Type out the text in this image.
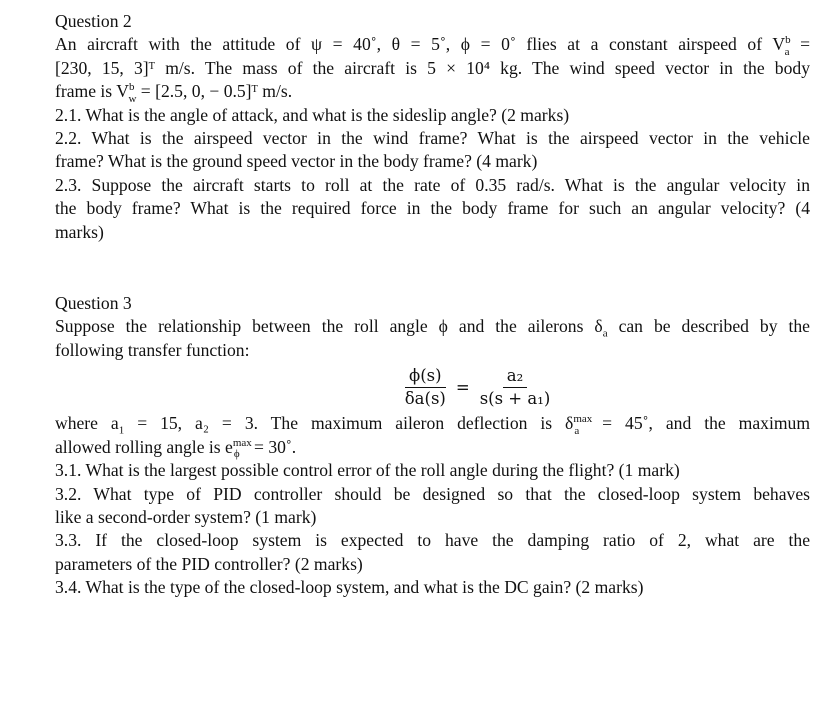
Question 2
An aircraft with the attitude of ψ = 40˚, θ = 5˚, ϕ = 0˚ flies at a constant airspeed of $V^b_a$ =
[230, 15, 3]ᵀ m/s. The mass of the aircraft is 5 × 10⁴ kg. The wind speed vector in the body
frame is $V^b_w = [2.5$, 0, − 0.5]ᵀ m/s.
2.1. What is the angle of attack, and what is the sideslip angle? (2 marks)
2.2. What is the airspeed vector in the wind frame? What is the airspeed vector in the vehicle
frame? What is the ground speed vector in the body frame? (4 mark)
2.3. Suppose the aircraft starts to roll at the rate of 0.35 rad/s. What is the angular velocity in
the body frame? What is the required force in the body frame for such an angular velocity? (4
marks)
Question 3
Suppose the relationship between the roll angle ϕ and the ailerons $\delta_a$ can be described by the
following transfer function:
$\frac{\phi(s)}{\delta a(s)} = \frac{\text{a₂}}{\text{s(s + a₁)}}$
where $a_1 = 15$, a₂ = 3. The maximum aileron deflection is $\delta^{max}_a$ = 45˚, and the maximum
allowed rolling angle is $e^{max}_\phi$ = 30˚.
3.1. What is the largest possible control error of the roll angle during the flight? (1 mark)
3.2. What type of PID controller should be designed so that the closed-loop system behaves
like a second-order system? (1 mark)
3.3. If the closed-loop system is expected to have the damping ratio of 2, what are the
parameters of the PID controller? (2 marks)
3.4. What is the type of the closed-loop system, and what is the DC gain? (2 marks)
